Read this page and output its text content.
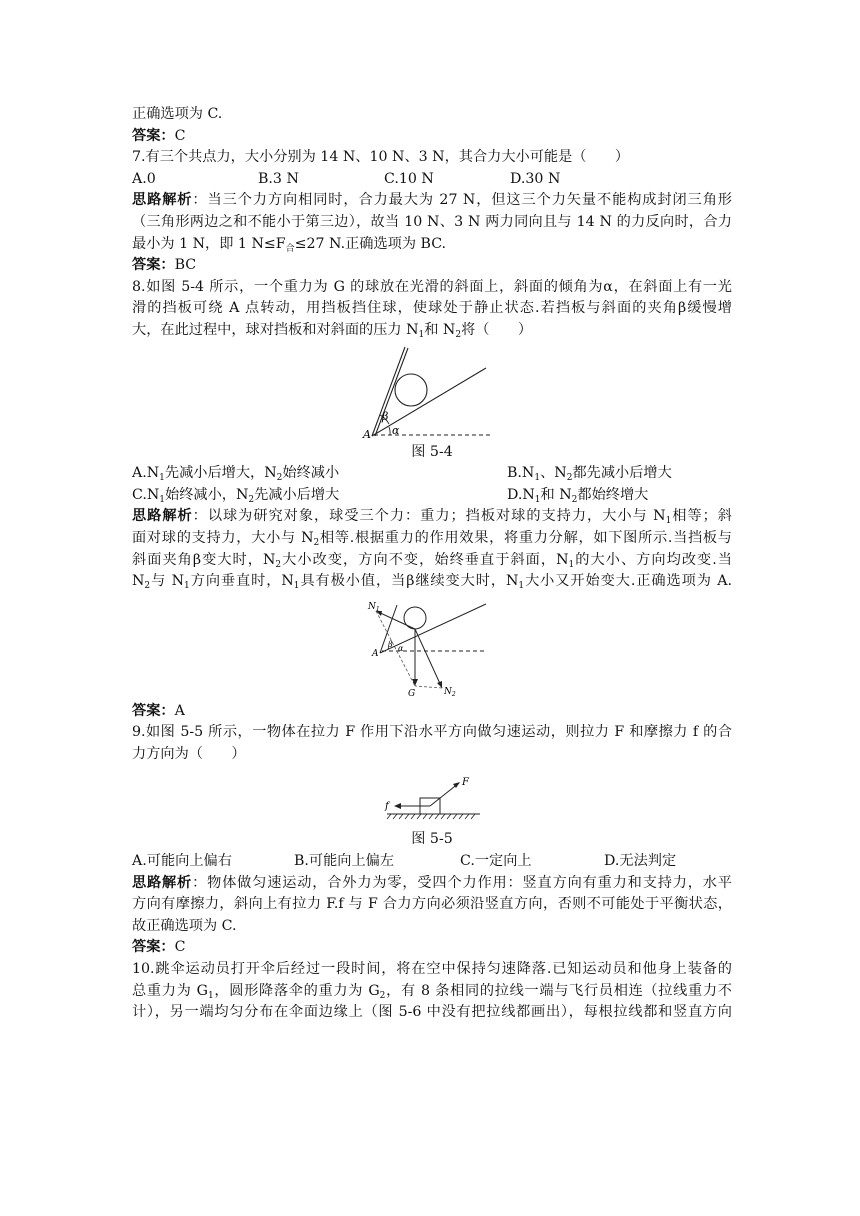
正确选项为 C.
答案：C
7.有三个共点力，大小分别为 14 N、10 N、3 N，其合力大小可能是（　　）
A.0	B.3 N	C.10 N	D.30 N
思路解析：当三个力方向相同时，合力最大为 27 N，但这三个力矢量不能构成封闭三角形
（三角形两边之和不能小于第三边），故当 10 N、3 N 两力同向且与 14 N 的力反向时，合力
最小为 1 N，即 1 $N\le F_合\le 27$ N.正确选项为 BC.
答案：BC
8.如图 5-4 所示，一个重力为 G 的球放在光滑的斜面上，斜面的倾角为α，在斜面上有一光
滑的挡板可绕 A 点转动，用挡板挡住球，使球处于静止状态.若挡板与斜面的夹角β缓慢增
大，在此过程中，球对挡板和对斜面的压力 $N_1$和 $N_2$将（　　）
A α
β
图 5-4
$A.N_1$先减小后增大，$N_2$始终减小	$B.N_1$、$N_2$都先减小后增大
$C.N_1$始终减小，$N_2$先减小后增大	$D.N_1$和 $N_2$都始终增大
思路解析：以球为研究对象，球受三个力：重力；挡板对球的支持力，大小与 $N_1$相等；斜
面对球的支持力，大小与 $N_2$相等.根据重力的作用效果，将重力分解，如下图所示.当挡板与
斜面夹角β变大时，$N_2$大小改变，方向不变，始终垂直于斜面，$N_1$的大小、方向均改变.当
$N_2$与 $N_1$方向垂直时，$N_1$具有极小值，当β继续变大时，$N_1$大小又开始变大.正确选项为 A.
$N_1$
$N_2$
G
A
β α
答案：A
9.如图 5-5 所示，一物体在拉力 F 作用下沿水平方向做匀速运动，则拉力 F 和摩擦力 f 的合
力方向为（　　）
F
f
图 5-5
A.可能向上偏右	B.可能向上偏左	C.一定向上	D.无法判定
思路解析：物体做匀速运动，合外力为零，受四个力作用：竖直方向有重力和支持力，水平
方向有摩擦力，斜向上有拉力 F.f 与 F 合力方向必须沿竖直方向，否则不可能处于平衡状态，
故正确选项为 C.
答案：C
10.跳伞运动员打开伞后经过一段时间，将在空中保持匀速降落.已知运动员和他身上装备的
总重力为 $G_1$，圆形降落伞的重力为 $G_2$，有 8 条相同的拉线一端与飞行员相连（拉线重力不
计），另一端均匀分布在伞面边缘上（图 5-6 中没有把拉线都画出），每根拉线都和竖直方向
